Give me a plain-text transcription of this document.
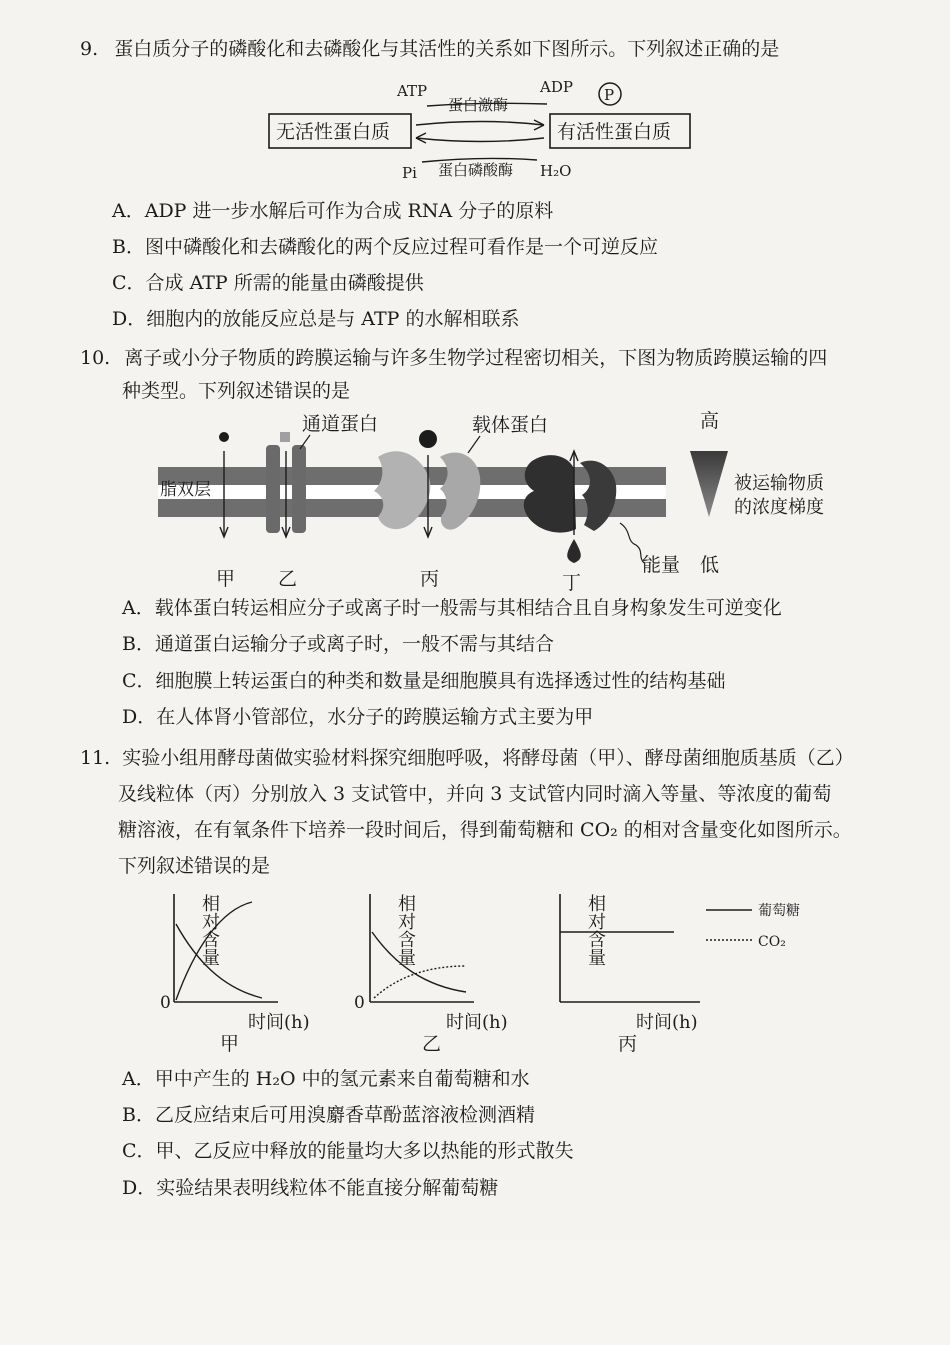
9. 蛋白质分子的磷酸化和去磷酸化与其活性的关系如下图所示。下列叙述正确的是
ATP	ADP P
蛋白激酶
无活性蛋白质	有活性蛋白质
Pi 蛋白磷酸酶 H₂O
A．ADP 进一步水解后可作为合成 RNA 分子的原料
B．图中磷酸化和去磷酸化的两个反应过程可看作是一个可逆反应
C．合成 ATP 所需的能量由磷酸提供
D．细胞内的放能反应总是与 ATP 的水解相联系
10. 离子或小分子物质的跨膜运输与许多生物学过程密切相关，下图为物质跨膜运输的四
种类型。下列叙述错误的是
脂双层
通道蛋白	载体蛋白
能量
高
被运输物质
的浓度梯度
低
甲 乙	丙	丁
A．载体蛋白转运相应分子或离子时一般需与其相结合且自身构象发生可逆变化
B．通道蛋白运输分子或离子时，一般不需与其结合
C．细胞膜上转运蛋白的种类和数量是细胞膜具有选择透过性的结构基础
D．在人体肾小管部位，水分子的跨膜运输方式主要为甲
11. 实验小组用酵母菌做实验材料探究细胞呼吸，将酵母菌（甲）、酵母菌细胞质基质（乙）
及线粒体（丙）分别放入 3 支试管中，并向 3 支试管内同时滴入等量、等浓度的葡萄
糖溶液，在有氧条件下培养一段时间后，得到葡萄糖和 CO₂ 的相对含量变化如图所示。
下列叙述错误的是
相对含量
0
时间(h)
甲
相对含量
0
时间(h)
乙
相对含量
时间(h)
丙
葡萄糖
CO₂
A．甲中产生的 H₂O 中的氢元素来自葡萄糖和水
B．乙反应结束后可用溴麝香草酚蓝溶液检测酒精
C．甲、乙反应中释放的能量均大多以热能的形式散失
D．实验结果表明线粒体不能直接分解葡萄糖
